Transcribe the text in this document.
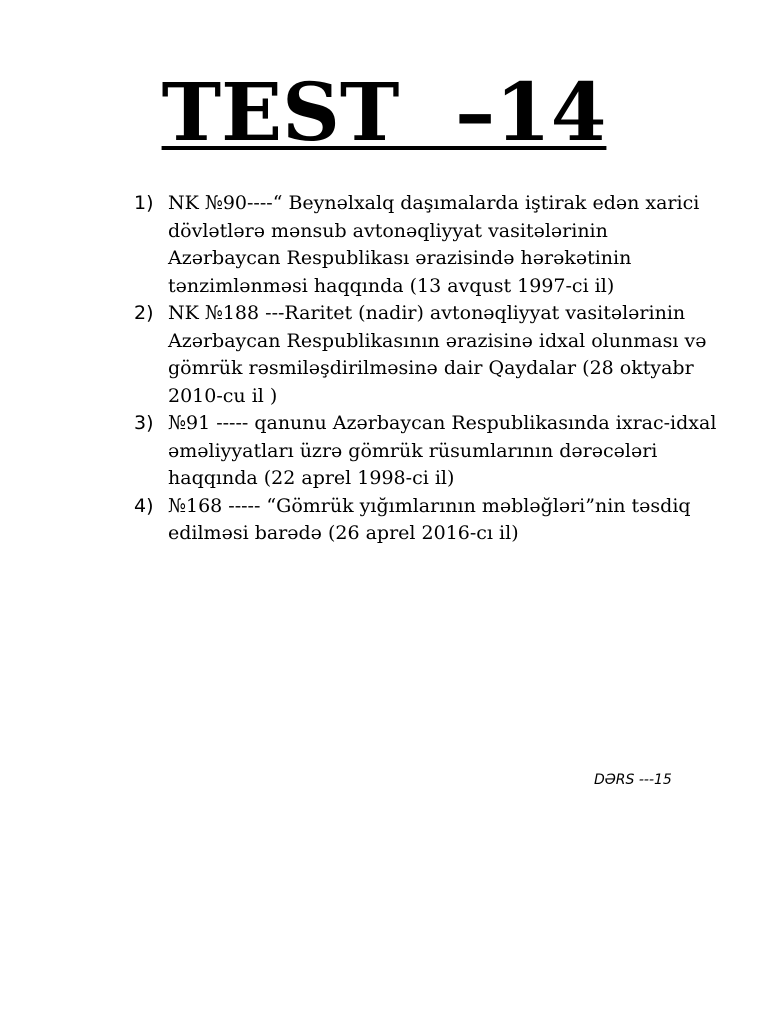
TEST  –14
1) NK №90----“ Beynəlxalq daşımalarda iştirak edən xarici dövlətlərə mənsub avtonəqliyyat vasitələrinin Azərbaycan Respublikası ərazisində hərəkətinin tənzimlənməsi haqqında (13 avqust 1997-ci il)
2) NK №188 ---Raritet (nadir) avtonəqliyyat vasitələrinin Azərbaycan Respublikasının ərazisinə idxal olunması və gömrük rəsmiləşdirilməsinə dair Qaydalar (28 oktyabr 2010-cu il )
3) №91 ----- qanunu Azərbaycan Respublikasında ixrac-idxal əməliyyatları üzrə gömrük rüsumlarının dərəcələri haqqında (22 aprel 1998-ci il)
4) №168 ----- “Gömrük yığımlarının məbləğləri”nin təsdiq edilməsi barədə (26 aprel 2016-cı il)
DƏRS ---15
